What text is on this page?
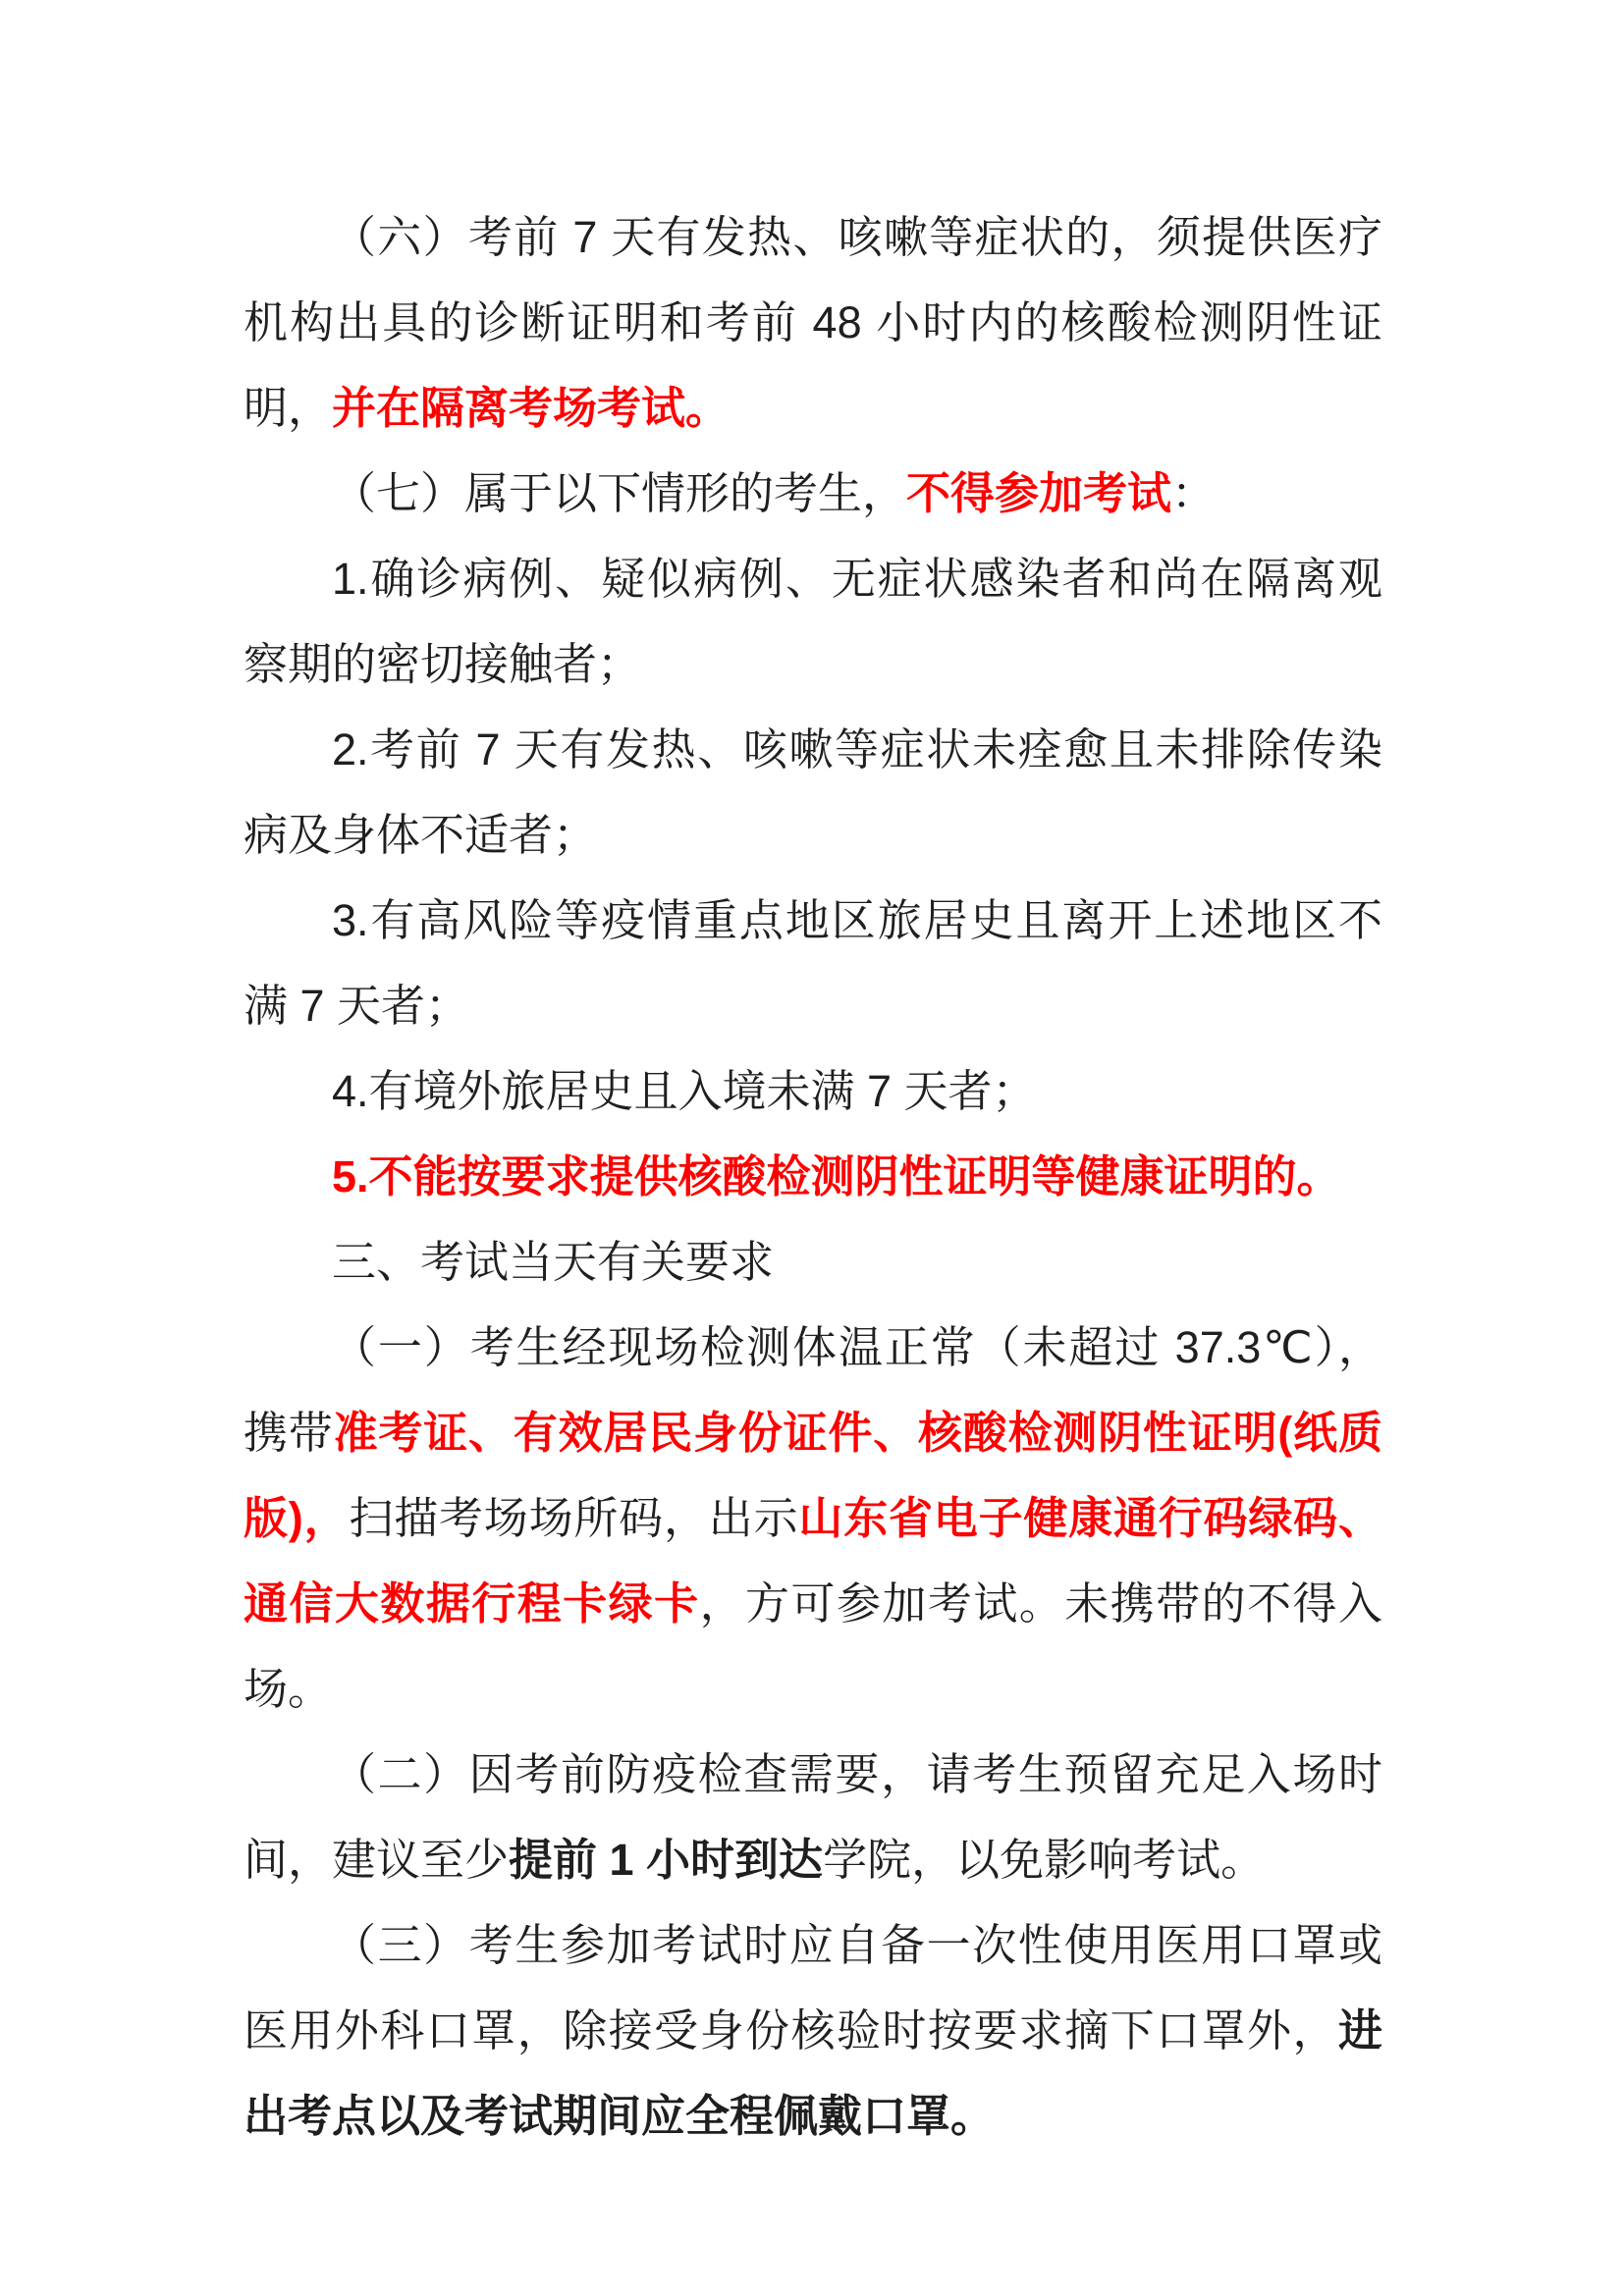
（六）考前 7 天有发热、咳嗽等症状的，须提供医疗机构出具的诊断证明和考前 48 小时内的核酸检测阴性证明，并在隔离考场考试。

（七）属于以下情形的考生，不得参加考试：

1.确诊病例、疑似病例、无症状感染者和尚在隔离观察期的密切接触者；

2.考前 7 天有发热、咳嗽等症状未痊愈且未排除传染病及身体不适者；

3.有高风险等疫情重点地区旅居史且离开上述地区不满 7 天者；

4.有境外旅居史且入境未满 7 天者；

5.不能按要求提供核酸检测阴性证明等健康证明的。

三、考试当天有关要求

（一）考生经现场检测体温正常（未超过 37.3℃），携带准考证、有效居民身份证件、核酸检测阴性证明(纸质版)，扫描考场场所码，出示山东省电子健康通行码绿码、通信大数据行程卡绿卡，方可参加考试。未携带的不得入场。

（二）因考前防疫检查需要，请考生预留充足入场时间，建议至少提前 1 小时到达学院，以免影响考试。

（三）考生参加考试时应自备一次性使用医用口罩或医用外科口罩，除接受身份核验时按要求摘下口罩外，进出考点以及考试期间应全程佩戴口罩。
